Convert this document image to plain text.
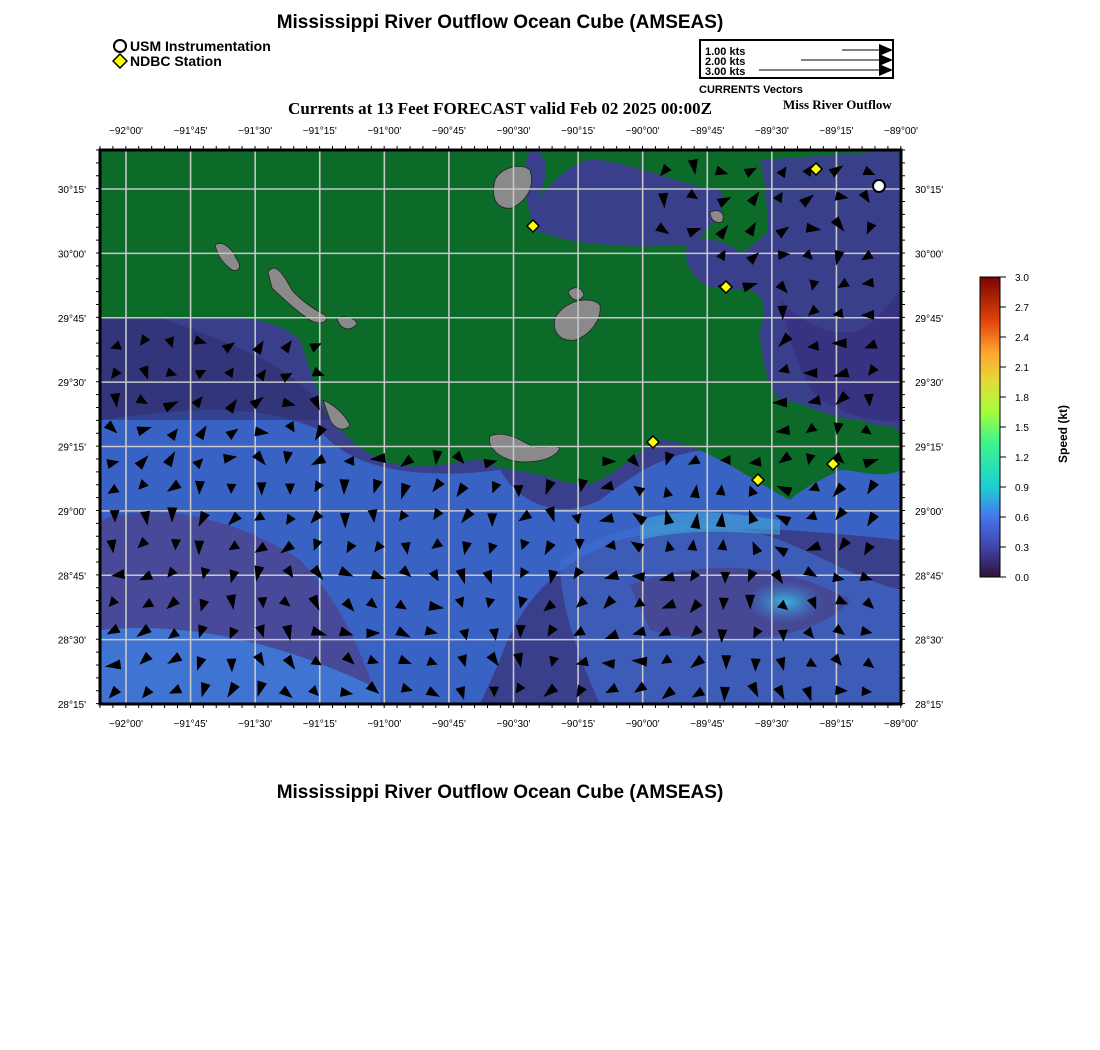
Mississippi River Outflow Ocean Cube (AMSEAS)
USM Instrumentation
NDBC Station
1.00 kts
2.00 kts
3.00 kts
CURRENTS Vectors
Currents at 13 Feet FORECAST valid Feb 02 2025 00:00Z	Miss River Outflow
−92°00'	−91°45'	−91°30'	−91°15'	−91°00'	−90°45'	−90°30'	−90°15'	−90°00'	−89°45'	−89°30'	−89°15'	−89°00'
−92°00'	−91°45'	−91°30'	−91°15'	−91°00'	−90°45'	−90°30'	−90°15'	−90°00'	−89°45'	−89°30'	−89°15'	−89°00'
30°15'
30°00'
29°45'
29°30'
29°15'
29°00'
28°45'
28°30'
28°15'
30°15'
30°00'
29°45'
29°30'
29°15'
29°00'
28°45'
28°30'
28°15'
3.0
2.7
2.4
2.1
1.8
1.5
1.2
0.9
0.6
0.3
0.0
Speed (kt)
Mississippi River Outflow Ocean Cube (AMSEAS)
